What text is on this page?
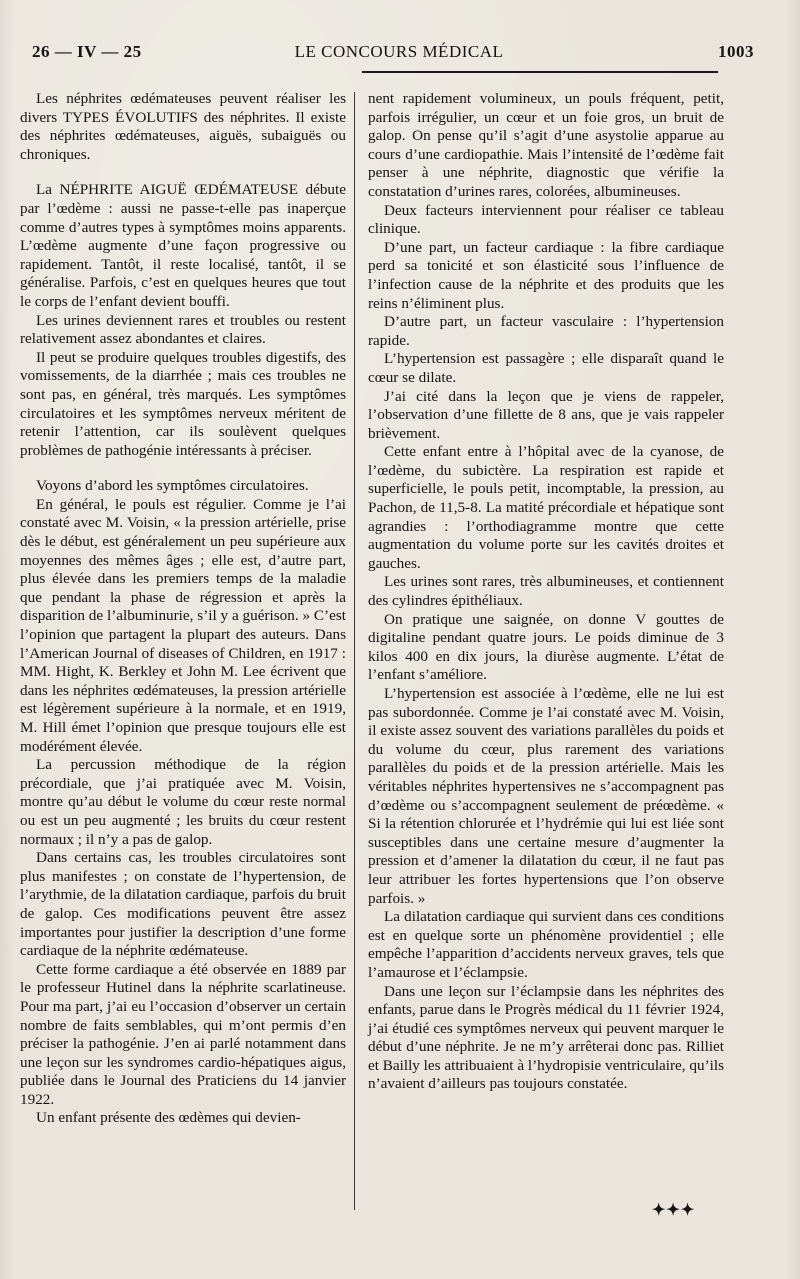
26 — IV — 25	LE CONCOURS MÉDICAL	1003

Les néphrites œdémateuses peuvent réaliser les divers TYPES ÉVOLUTIFS des néphrites. Il existe des néphrites œdémateuses, aiguës, subaiguës ou chroniques.

La NÉPHRITE AIGUË ŒDÉMATEUSE débute par l’œdème : aussi ne passe-t-elle pas inaperçue comme d’autres types à symptômes moins apparents. L’œdème augmente d’une façon progressive ou rapidement. Tantôt, il reste localisé, tantôt, il se généralise. Parfois, c’est en quelques heures que tout le corps de l’enfant devient bouffi.

Les urines deviennent rares et troubles ou restent relativement assez abondantes et claires.

Il peut se produire quelques troubles digestifs, des vomissements, de la diarrhée ; mais ces troubles ne sont pas, en général, très marqués. Les symptômes circulatoires et les symptômes nerveux méritent de retenir l’attention, car ils soulèvent quelques problèmes de pathogénie intéressants à préciser.

Voyons d’abord les symptômes circulatoires.

En général, le pouls est régulier. Comme je l’ai constaté avec M. Voisin, « la pression artérielle, prise dès le début, est généralement un peu supérieure aux moyennes des mêmes âges ; elle est, d’autre part, plus élevée dans les premiers temps de la maladie que pendant la phase de régression et après la disparition de l’albuminurie, s’il y a guérison. » C’est l’opinion que partagent la plupart des auteurs. Dans l’American Journal of diseases of Children, en 1917 : MM. Hight, K. Berkley et John M. Lee écrivent que dans les néphrites œdémateuses, la pression artérielle est légèrement supérieure à la normale, et en 1919, M. Hill émet l’opinion que presque toujours elle est modérément élevée.

La percussion méthodique de la région précordiale, que j’ai pratiquée avec M. Voisin, montre qu’au début le volume du cœur reste normal ou est un peu augmenté ; les bruits du cœur restent normaux ; il n’y a pas de galop.

Dans certains cas, les troubles circulatoires sont plus manifestes ; on constate de l’hypertension, de l’arythmie, de la dilatation cardiaque, parfois du bruit de galop. Ces modifications peuvent être assez importantes pour justifier la description d’une forme cardiaque de la néphrite œdémateuse.

Cette forme cardiaque a été observée en 1889 par le professeur Hutinel dans la néphrite scarlatineuse. Pour ma part, j’ai eu l’occasion d’observer un certain nombre de faits semblables, qui m’ont permis d’en préciser la pathogénie. J’en ai parlé notamment dans une leçon sur les syndromes cardio-hépatiques aigus, publiée dans le Journal des Praticiens du 14 janvier 1922.

Un enfant présente des œdèmes qui devien-

nent rapidement volumineux, un pouls fréquent, petit, parfois irrégulier, un cœur et un foie gros, un bruit de galop. On pense qu’il s’agit d’une asystolie apparue au cours d’une cardiopathie. Mais l’intensité de l’œdème fait penser à une néphrite, diagnostic que vérifie la constatation d’urines rares, colorées, albumineuses.

Deux facteurs interviennent pour réaliser ce tableau clinique.

D’une part, un facteur cardiaque : la fibre cardiaque perd sa tonicité et son élasticité sous l’influence de l’infection cause de la néphrite et des produits que les reins n’éliminent plus.

D’autre part, un facteur vasculaire : l’hypertension rapide.

L’hypertension est passagère ; elle disparaît quand le cœur se dilate.

J’ai cité dans la leçon que je viens de rappeler, l’observation d’une fillette de 8 ans, que je vais rappeler brièvement.

Cette enfant entre à l’hôpital avec de la cyanose, de l’œdème, du subictère. La respiration est rapide et superficielle, le pouls petit, incomptable, la pression, au Pachon, de 11,5-8. La matité précordiale et hépatique sont agrandies : l’orthodiagramme montre que cette augmentation du volume porte sur les cavités droites et gauches.

Les urines sont rares, très albumineuses, et contiennent des cylindres épithéliaux.

On pratique une saignée, on donne V gouttes de digitaline pendant quatre jours. Le poids diminue de 3 kilos 400 en dix jours, la diurèse augmente. L’état de l’enfant s’améliore.

L’hypertension est associée à l’œdème, elle ne lui est pas subordonnée. Comme je l’ai constaté avec M. Voisin, il existe assez souvent des variations parallèles du poids et du volume du cœur, plus rarement des variations parallèles du poids et de la pression artérielle. Mais les véritables néphrites hypertensives ne s’accompagnent pas d’œdème ou s’accompagnent seulement de préœdème. « Si la rétention chlorurée et l’hydrémie qui lui est liée sont susceptibles dans une certaine mesure d’augmenter la pression et d’amener la dilatation du cœur, il ne faut pas leur attribuer les fortes hypertensions que l’on observe parfois. »

La dilatation cardiaque qui survient dans ces conditions est en quelque sorte un phénomène providentiel ; elle empêche l’apparition d’accidents nerveux graves, tels que l’amaurose et l’éclampsie.

Dans une leçon sur l’éclampsie dans les néphrites des enfants, parue dans le Progrès médical du 11 février 1924, j’ai étudié ces symptômes nerveux qui peuvent marquer le début d’une néphrite. Je ne m’y arrêterai donc pas. Rilliet et Bailly les attribuaient à l’hydropisie ventriculaire, qu’ils n’avaient d’ailleurs pas toujours constatée.

✦✦✦
